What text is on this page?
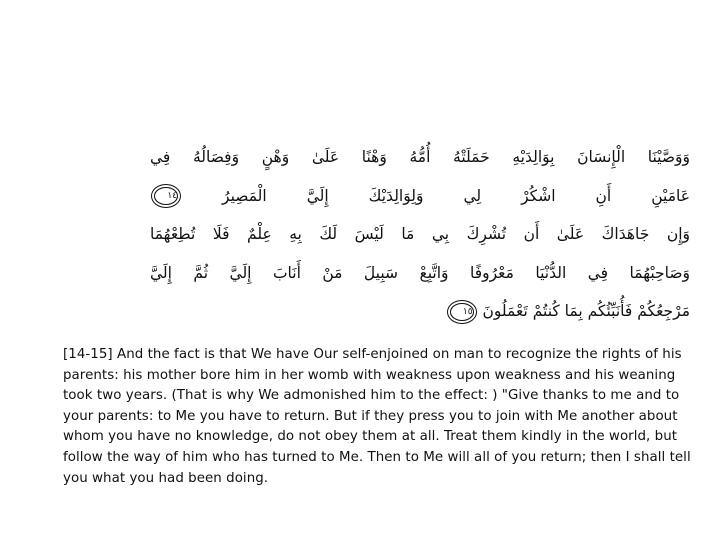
وَوَصَّيْنَا الْإِنسَانَ بِوَالِدَيْهِ حَمَلَتْهُ أُمُّهُ وَهْنًا عَلَىٰ وَهْنٍ وَفِصَالُهُ فِي
عَامَيْنِ أَنِ اشْكُرْ لِي وَلِوَالِدَيْكَ إِلَيَّ الْمَصِيرُ ١٤
وَإِن جَاهَدَاكَ عَلَىٰ أَن تُشْرِكَ بِي مَا لَيْسَ لَكَ بِهِ عِلْمٌ فَلَا تُطِعْهُمَا
وَصَاحِبْهُمَا فِي الدُّنْيَا مَعْرُوفًا وَاتَّبِعْ سَبِيلَ مَنْ أَنَابَ إِلَيَّ ثُمَّ إِلَيَّ
مَرْجِعُكُمْ فَأُنَبِّئُكُم بِمَا كُنتُمْ تَعْمَلُونَ ١٥

[14-15] And the fact is that We have Our self-enjoined on man to recognize the rights of his parents: his mother bore him in her womb with weakness upon weakness and his weaning took two years. (That is why We admonished him to the effect: ) "Give thanks to me and to your parents: to Me you have to return. But if they press you to join with Me another about whom you have no knowledge, do not obey them at all. Treat them kindly in the world, but follow the way of him who has turned to Me. Then to Me will all of you return; then I shall tell you what you had been doing.
